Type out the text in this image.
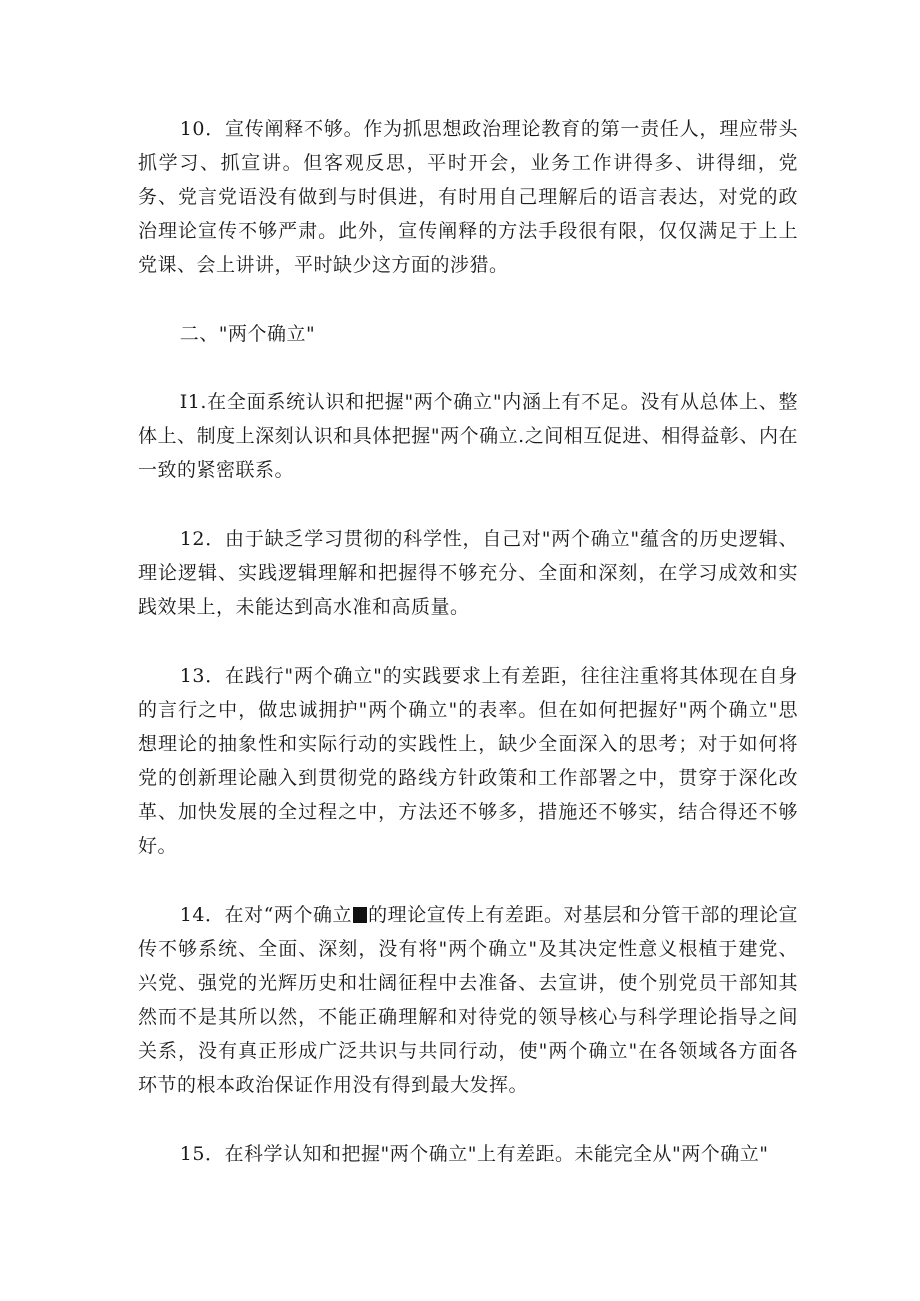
10．宣传阐释不够。作为抓思想政治理论教育的第一责任人，理应带头抓学习、抓宣讲。但客观反思，平时开会，业务工作讲得多、讲得细，党务、党言党语没有做到与时俱进，有时用自己理解后的语言表达，对党的政治理论宣传不够严肃。此外，宣传阐释的方法手段很有限，仅仅满足于上上党课、会上讲讲，平时缺少这方面的涉猎。

二、"两个确立"

I1.在全面系统认识和把握"两个确立"内涵上有不足。没有从总体上、整体上、制度上深刻认识和具体把握"两个确立.之间相互促进、相得益彰、内在一致的紧密联系。

12．由于缺乏学习贯彻的科学性，自己对"两个确立"蕴含的历史逻辑、理论逻辑、实践逻辑理解和把握得不够充分、全面和深刻，在学习成效和实践效果上，未能达到高水准和高质量。

13．在践行"两个确立"的实践要求上有差距，往往注重将其体现在自身的言行之中，做忠诚拥护"两个确立"的表率。但在如何把握好"两个确立"思想理论的抽象性和实际行动的实践性上，缺少全面深入的思考；对于如何将党的创新理论融入到贯彻党的路线方针政策和工作部署之中，贯穿于深化改革、加快发展的全过程之中，方法还不够多，措施还不够实，结合得还不够好。

14．在对“两个确立 的理论宣传上有差距。对基层和分管干部的理论宣传不够系统、全面、深刻，没有将"两个确立"及其决定性意义根植于建党、兴党、强党的光辉历史和壮阔征程中去准备、去宣讲，使个别党员干部知其然而不是其所以然，不能正确理解和对待党的领导核心与科学理论指导之间关系，没有真正形成广泛共识与共同行动，使"两个确立"在各领域各方面各环节的根本政治保证作用没有得到最大发挥。

15．在科学认知和把握"两个确立"上有差距。未能完全从"两个确立"
